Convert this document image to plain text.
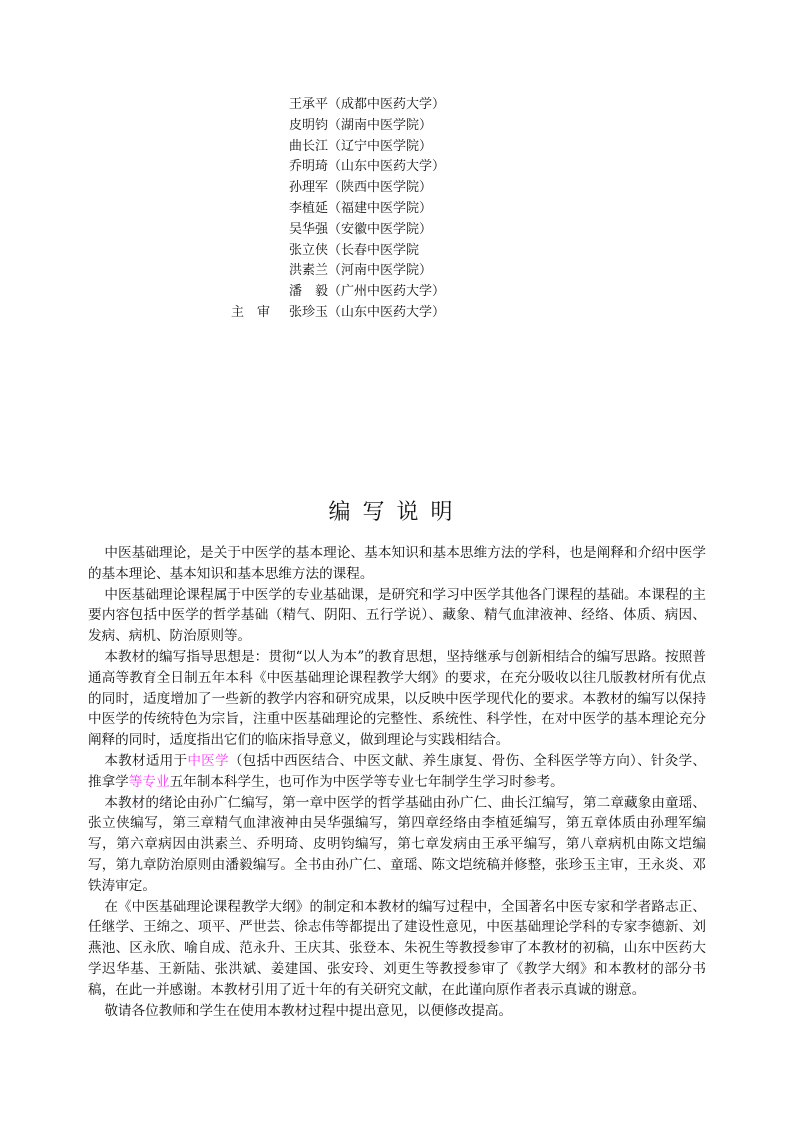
王承平（成都中医药大学）
皮明钧（湖南中医学院）
曲长江（辽宁中医学院）
乔明琦（山东中医药大学）
孙理军（陕西中医学院）
李植延（福建中医学院）
吴华强（安徽中医学院）
张立侠（长春中医学院
洪素兰（河南中医学院）
潘　毅（广州中医药大学）
主　审 张珍玉（山东中医药大学）
编写说明

中医基础理论，是关于中医学的基本理论、基本知识和基本思维方法的学科，也是阐释和介绍中医学的基本理论、基本知识和基本思维方法的课程。

中医基础理论课程属于中医学的专业基础课，是研究和学习中医学其他各门课程的基础。本课程的主要内容包括中医学的哲学基础（精气、阴阳、五行学说）、藏象、精气血津液神、经络、体质、病因、发病、病机、防治原则等。

本教材的编写指导思想是：贯彻“以人为本”的教育思想，坚持继承与创新相结合的编写思路。按照普通高等教育全日制五年本科《中医基础理论课程教学大纲》的要求，在充分吸收以往几版教材所有优点的同时，适度增加了一些新的教学内容和研究成果，以反映中医学现代化的要求。本教材的编写以保持中医学的传统特色为宗旨，注重中医基础理论的完整性、系统性、科学性，在对中医学的基本理论充分阐释的同时，适度指出它们的临床指导意义，做到理论与实践相结合。

本教材适用于中医学（包括中西医结合、中医文献、养生康复、骨伤、全科医学等方向）、针灸学、推拿学等专业五年制本科学生，也可作为中医学等专业七年制学生学习时参考。

本教材的绪论由孙广仁编写，第一章中医学的哲学基础由孙广仁、曲长江编写，第二章藏象由童瑶、张立侠编写，第三章精气血津液神由吴华强编写，第四章经络由李植延编写，第五章体质由孙理军编写，第六章病因由洪素兰、乔明琦、皮明钧编写，第七章发病由王承平编写，第八章病机由陈文垲编写，第九章防治原则由潘毅编写。全书由孙广仁、童瑶、陈文垲统稿并修整，张珍玉主审，王永炎、邓铁涛审定。

在《中医基础理论课程教学大纲》的制定和本教材的编写过程中，全国著名中医专家和学者路志正、任继学、王绵之、项平、严世芸、徐志伟等都提出了建设性意见，中医基础理论学科的专家李德新、刘燕池、区永欣、喻自成、范永升、王庆其、张登本、朱祝生等教授参审了本教材的初稿，山东中医药大学迟华基、王新陆、张洪斌、姜建国、张安玲、刘更生等教授参审了《教学大纲》和本教材的部分书稿，在此一并感谢。本教材引用了近十年的有关研究文献，在此谨向原作者表示真诚的谢意。

敬请各位教师和学生在使用本教材过程中提出意见，以便修改提高。
